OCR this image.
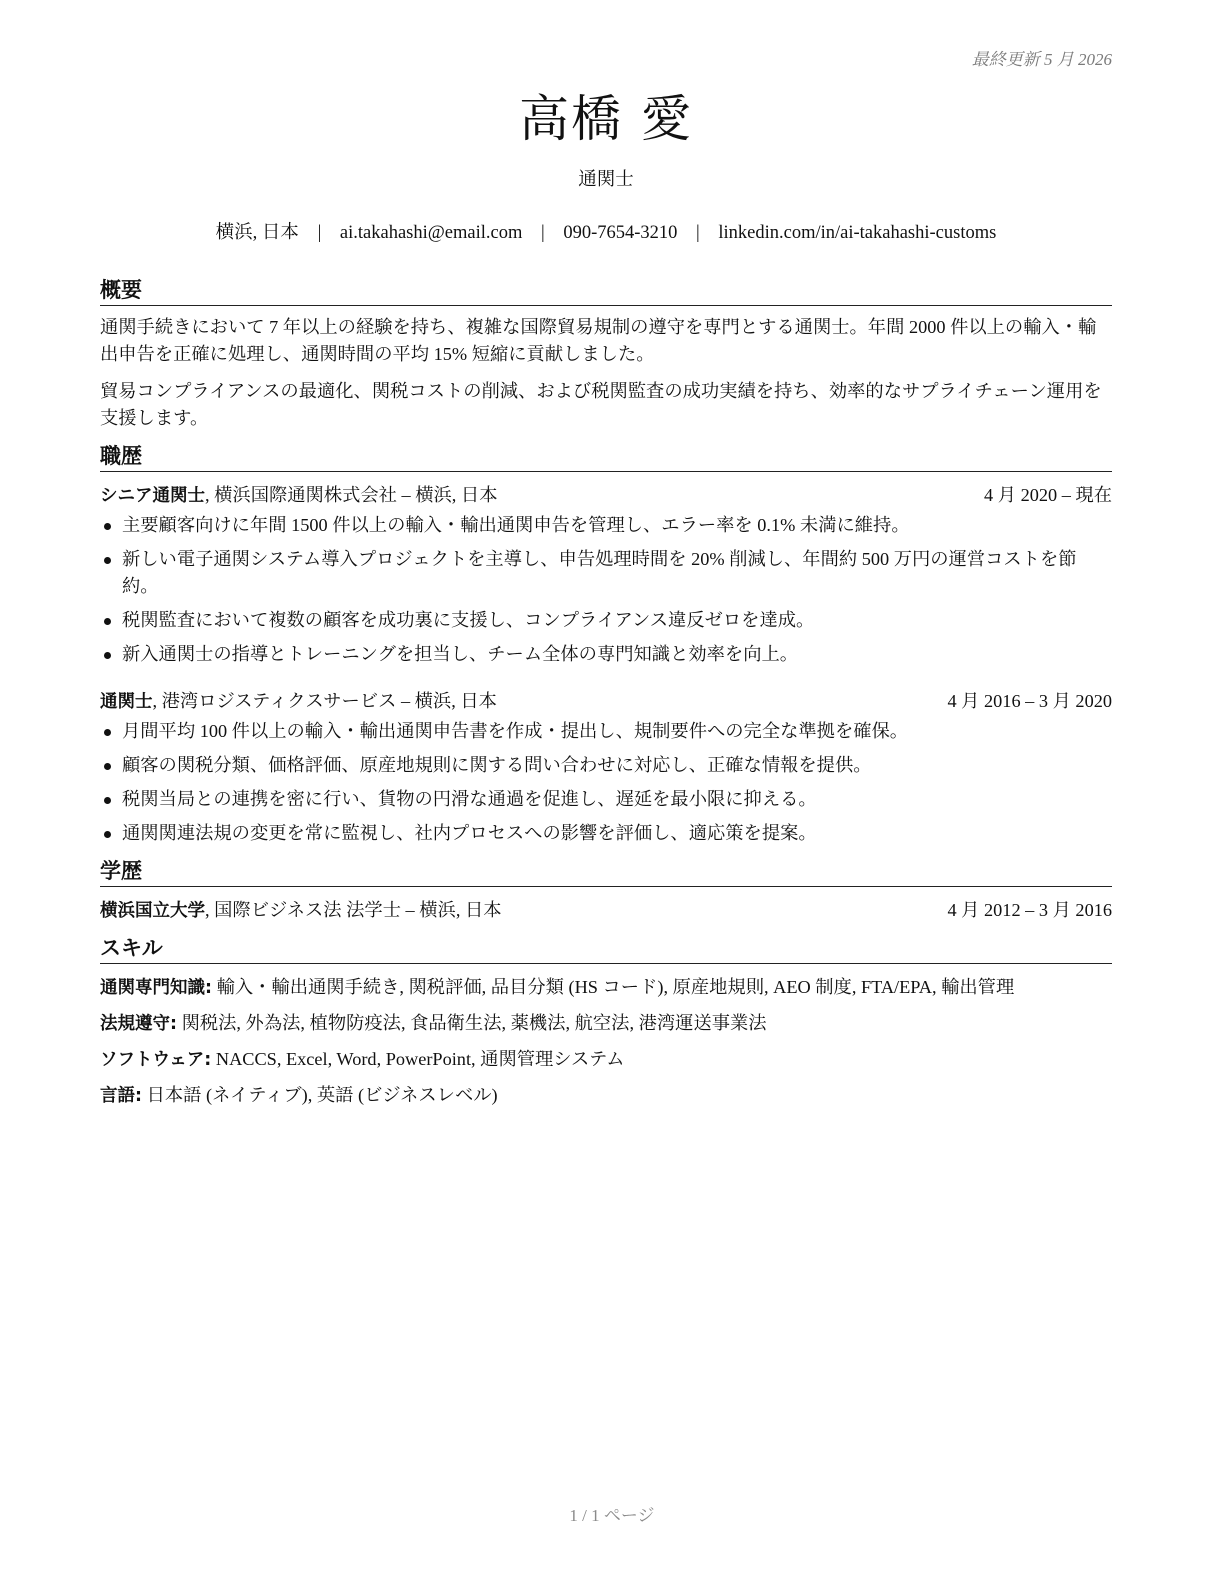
最終更新 5 月 2026
高橋 愛
通関士
横浜, 日本 | ai.takahashi@email.com | 090-7654-3210 | linkedin.com/in/ai-takahashi-customs
概要

通関手続きにおいて 7 年以上の経験を持ち、複雑な国際貿易規制の遵守を専門とする通関士。年間 2000 件以上の輸入・輸出申告を正確に処理し、通関時間の平均 15% 短縮に貢献しました。

貿易コンプライアンスの最適化、関税コストの削減、および税関監査の成功実績を持ち、効率的なサプライチェーン運用を支援します。

職歴
シニア通関士, 横浜国際通関株式会社 – 横浜, 日本	4 月 2020 – 現在
主要顧客向けに年間 1500 件以上の輸入・輸出通関申告を管理し、エラー率を 0.1% 未満に維持。
新しい電子通関システム導入プロジェクトを主導し、申告処理時間を 20% 削減し、年間約 500 万円の運営コストを節約。
税関監査において複数の顧客を成功裏に支援し、コンプライアンス違反ゼロを達成。
新入通関士の指導とトレーニングを担当し、チーム全体の専門知識と効率を向上。
通関士, 港湾ロジスティクスサービス – 横浜, 日本	4 月 2016 – 3 月 2020
月間平均 100 件以上の輸入・輸出通関申告書を作成・提出し、規制要件への完全な準拠を確保。
顧客の関税分類、価格評価、原産地規則に関する問い合わせに対応し、正確な情報を提供。
税関当局との連携を密に行い、貨物の円滑な通過を促進し、遅延を最小限に抑える。
通関関連法規の変更を常に監視し、社内プロセスへの影響を評価し、適応策を提案。
学歴
横浜国立大学, 国際ビジネス法 法学士 – 横浜, 日本	4 月 2012 – 3 月 2016
スキル
通関専門知識: 輸入・輸出通関手続き, 関税評価, 品目分類 (HS コード), 原産地規則, AEO 制度, FTA/EPA, 輸出管理
法規遵守: 関税法, 外為法, 植物防疫法, 食品衛生法, 薬機法, 航空法, 港湾運送事業法
ソフトウェア: NACCS, Excel, Word, PowerPoint, 通関管理システム
言語: 日本語 (ネイティブ), 英語 (ビジネスレベル)
1 / 1 ページ
